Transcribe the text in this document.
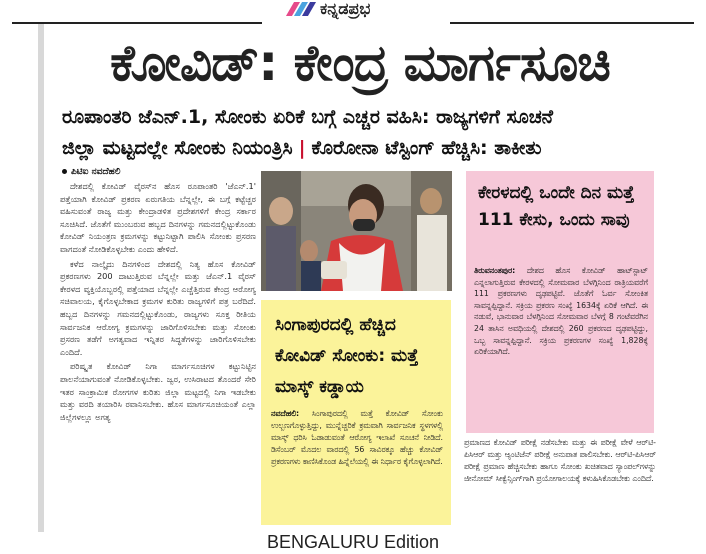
ಕನ್ನಡಪ್ರಭ
ಕೋವಿಡ್: ಕೇಂದ್ರ ಮಾರ್ಗಸೂಚಿ
ರೂಪಾಂತರಿ ಜೆಎನ್.1, ಸೋಂಕು ಏರಿಕೆ ಬಗ್ಗೆ ಎಚ್ಚರ ವಹಿಸಿ: ರಾಜ್ಯಗಳಿಗೆ ಸೂಚನೆ
ಜಿಲ್ಲಾ ಮಟ್ಟದಲ್ಲೇ ಸೋಂಕು ನಿಯಂತ್ರಿಸಿ | ಕೊರೋನಾ ಟೆಸ್ಟಿಂಗ್ ಹೆಚ್ಚಿಸಿ: ತಾಕೀತು
ಪಿಟಿಐ ನವದೆಹಲಿ

ದೇಶದಲ್ಲಿ ಕೋವಿಡ್ ವೈರಸ್‌ನ ಹೊಸ ರೂಪಾಂತರಿ 'ಜೆಎನ್.1' ಪತ್ತೆಯಾಗಿ ಕೋವಿಡ್ ಪ್ರಕರಣ ಏರುಗತಿಯ ಬೆನ್ನಲ್ಲೇ, ಈ ಬಗ್ಗೆ ಕಟ್ಟೆಚ್ಚರ ವಹಿಸುವಂತೆ ರಾಜ್ಯ ಮತ್ತು ಕೇಂದ್ರಾಡಳಿತ ಪ್ರದೇಶಗಳಿಗೆ ಕೇಂದ್ರ ಸರ್ಕಾರ ಸೂಚಿಸಿದೆ. ಜೊತೆಗೆ ಮುಂಬರುವ ಹಬ್ಬದ ದಿನಗಳನ್ನು ಗಮನದಲ್ಲಿಟ್ಟುಕೊಂಡು ಕೋವಿಡ್ ನಿಯಂತ್ರಣ ಕ್ರಮಗಳನ್ನು ಕಟ್ಟುನಿಟ್ಟಾಗಿ ಪಾಲಿಸಿ ಸೋಂಕು ಪ್ರಸರಣ ವಾಗದಂತೆ ನೋಡಿಕೊಳ್ಳಬೇಕು ಎಂದು ಹೇಳಿದೆ.

ಕಳೆದ ನಾಲ್ಕೈದು ದಿನಗಳಿಂದ ದೇಶದಲ್ಲಿ ನಿತ್ಯ ಹೊಸ ಕೋವಿಡ್ ಪ್ರಕರಣಗಳು 200 ದಾಟುತ್ತಿರುವ ಬೆನ್ನಲ್ಲೇ ಮತ್ತು ಜೆಎನ್.1 ವೈರಸ್ ಕೇರಳದ ವ್ಯಕ್ತಿಯೊಬ್ಬರಲ್ಲಿ ಪತ್ತೆಯಾದ ಬೆನ್ನಲ್ಲೇ ಎಚ್ಚೆತ್ತಿರುವ ಕೇಂದ್ರ ಆರೋಗ್ಯ ಸಚಿವಾಲಯ, ಕೈಗೊಳ್ಳಬೇಕಾದ ಕ್ರಮಗಳ ಕುರಿತು ರಾಜ್ಯಗಳಿಗೆ ಪತ್ರ ಬರೆದಿದೆ. ಹಬ್ಬದ ದಿನಗಳನ್ನು ಗಮನದಲ್ಲಿಟ್ಟುಕೊಂಡು, ರಾಜ್ಯಗಳು ಸೂಕ್ತ ರೀತಿಯ ಸಾರ್ವಜನಿಕ ಆರೋಗ್ಯ ಕ್ರಮಗಳನ್ನು ಜಾರಿಗೊಳಿಸಬೇಕು ಮತ್ತು ಸೋಂಕು ಪ್ರಸರಣ ತಡೆಗೆ ಅಗತ್ಯವಾದ ಇನ್ನಿತರ ಸಿದ್ಧತೆಗಳನ್ನು ಜಾರಿಗೊಳಿಸಬೇಕು ಎಂದಿದೆ.

ಪರಿಷ್ಕೃತ ಕೋವಿಡ್ ನಿಗಾ ಮಾರ್ಗಸೂಚಿಗಳ ಕಟ್ಟುನಿಟ್ಟಿನ ಪಾಲನೆಯಾಗುವಂತೆ ನೋಡಿಕೊಳ್ಳಬೇಕು. ಜ್ವರ, ಉಸಿರಾಟದ ತೊಂದರೆ ಸೇರಿ ಇತರ ಸಾಂಕ್ರಾಮಿಕ ರೋಗಗಳ ಕುರಿತು ಜಿಲ್ಲಾ ಮಟ್ಟದಲ್ಲಿ ನಿಗಾ ಇಡಬೇಕು ಮತ್ತು ವರದಿ ತಯಾರಿಸಿ ರವಾನಿಸಬೇಕು. ಹೊಸ ಮಾರ್ಗಸೂಚಿಯಂತೆ ಎಲ್ಲಾ ಜಿಲ್ಲೆಗಳಲ್ಲೂ ಅಗತ್ಯ

ಸಿಂಗಾಪುರದಲ್ಲಿ ಹೆಚ್ಚಿದ ಕೋವಿಡ್ ಸೋಂಕು: ಮತ್ತೆ ಮಾಸ್ಕ್ ಕಡ್ಡಾಯ
ನವದೆಹಲಿ: ಸಿಂಗಾಪುರದಲ್ಲಿ ಮತ್ತೆ ಕೋವಿಡ್ ಸೋಂಕು ಉಲ್ಬಣಗೊಳ್ಳುತ್ತಿದ್ದು, ಮುನ್ನೆಚ್ಚರಿಕೆ ಕ್ರಮವಾಗಿ ಸಾರ್ವಜನಿಕ ಸ್ಥಳಗಳಲ್ಲಿ ಮಾಸ್ಕ್ ಧರಿಸಿ ಓಡಾಡುವಂತೆ ಆರೋಗ್ಯ ಇಲಾಖೆ ಸೂಚನೆ ನೀಡಿದೆ. ಡಿಸೆಂಬರ್ ಮೊದಲ ವಾರದಲ್ಲಿ 56 ಸಾವಿರಕ್ಕೂ ಹೆಚ್ಚು ಕೋವಿಡ್ ಪ್ರಕರಣಗಳು ಕಾಣಿಸಿಕೊಂಡ ಹಿನ್ನೆಲೆಯಲ್ಲಿ ಈ ನಿರ್ಧಾರ ಕೈಗೊಳ್ಳಲಾಗಿದೆ.
ಕೇರಳದಲ್ಲಿ ಒಂದೇ ದಿನ ಮತ್ತೆ 111 ಕೇಸು, ಒಂದು ಸಾವು
ತಿರುವನಂತಪುರ: ದೇಶದ ಹೊಸ ಕೋವಿಡ್ ಹಾಟ್‌ಸ್ಪಾಟ್ ಎನ್ನಲಾಗುತ್ತಿರುವ ಕೇರಳದಲ್ಲಿ ಸೋಮವಾರ ಬೆಳಗ್ಗಿನಿಂದ ರಾತ್ರಿಯವರೆಗೆ 111 ಪ್ರಕರಣಗಳು ದೃಢಪಟ್ಟಿವೆ. ಜೊತೆಗೆ ಓರ್ವ ಸೋಂಕಿತ ಸಾವನ್ನಪ್ಪಿದ್ದಾನೆ. ಸಕ್ರಿಯ ಪ್ರಕರಣ ಸಂಖ್ಯೆ 1634ಕ್ಕೆ ಏರಿಕೆ ಆಗಿದೆ. ಈ ನಡುವೆ, ಭಾನುವಾರ ಬೆಳಗ್ಗಿನಿಂದ ಸೋಮವಾರ ಬೆಳಗ್ಗೆ 8 ಗಂಟೆವರೆಗಿನ 24 ತಾಸಿನ ಅವಧಿಯಲ್ಲಿ ದೇಶದಲ್ಲಿ 260 ಪ್ರಕರಣದ ದೃಢಪಟ್ಟಿದ್ದು, ಒಬ್ಬ ಸಾವನ್ನಪ್ಪಿದ್ದಾನೆ. ಸಕ್ರಿಯ ಪ್ರಕರಣಗಳ ಸಂಖ್ಯೆ 1,828ಕ್ಕೆ ಏರಿಕೆಯಾಗಿದೆ.
ಪ್ರಮಾಣದ ಕೋವಿಡ್ ಪರೀಕ್ಷೆ ನಡೆಸಬೇಕು ಮತ್ತು ಈ ಪರೀಕ್ಷೆ ವೇಳೆ ಆರ್‌ಟಿ-ಪಿಸಿಆರ್ ಮತ್ತು ಆ್ಯಂಟಿಜೆನ್ ಪರೀಕ್ಷೆ ಅನುಪಾತ ಪಾಲಿಸಬೇಕು. ಆರ್‌ಟಿ-ಪಿಸಿಆರ್ ಪರೀಕ್ಷೆ ಪ್ರಮಾಣ ಹೆಚ್ಚಿಸಬೇಕು ಹಾಗೂ ಸೋಂಕು ಖಚಿತವಾದ ಸ್ಯಾಂಪಲ್‌ಗಳನ್ನು ಜೀನೋಮ್ ಸೀಕ್ವೆನ್ಸಿಂಗ್‌ಗಾಗಿ ಪ್ರಯೋಗಾಲಯಕ್ಕೆ ಕಳುಹಿಸಿಕೊಡಬೇಕು ಎಂದಿದೆ.
BENGALURU Edition
